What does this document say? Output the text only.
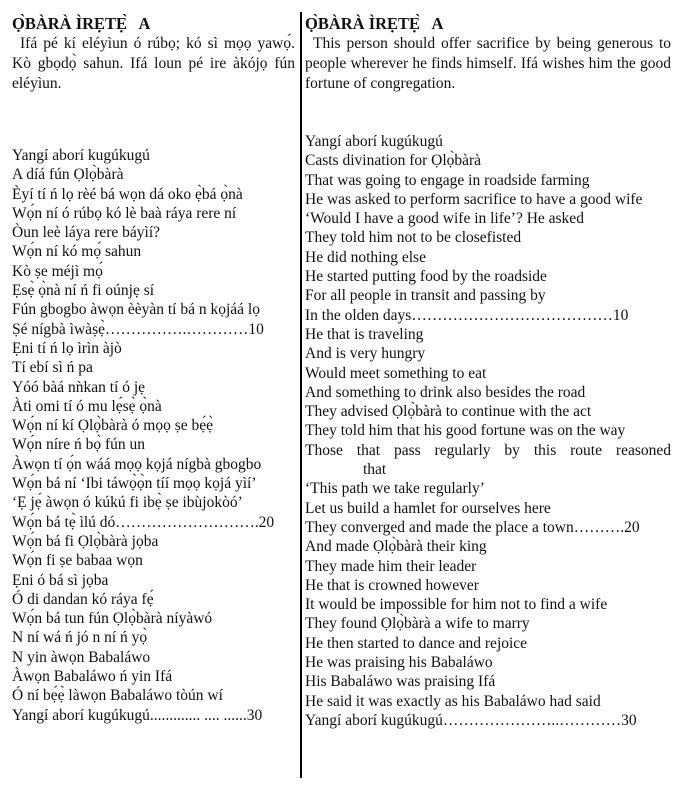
Ọ̀BÀRÀ ÌRẸTẸ̀   A
Ifá pé kí eléyìun ó rúbọ; kó sì mọọ yawọ́. Kò gbọdọ̀ sahun. Ifá loun pé ire àkójọ fún eléyìun.
Yangí aborí kugúkugú
A díá fún Ọlọ̀bàrà
Èyí tí ń lọ rèé bá wọn dá oko ẹ̀bá ọ̀nà
Wọ́n ní ó rúbọ kó lè baà ráya rere ní
Òun leè láya rere báyìí?
Wọ́n ní kó mọ́ sahun
Kò ṣe méjì mọ́
Ẹsẹ̀ ọ̀nà ní ń fi oúnjẹ sí
Fún gbogbo àwọn èèyàn tí bá n kọjáá lọ
Ṣé nígbà ìwàṣẹ̀…………….…………10
Ẹni tí ń lọ ìrìn àjò
Tí ebí sì ń pa
Yóó bàá nǹkan tí ó jẹ
Àti omi tí ó mu lẹ́sẹ̀ ọ̀nà
Wọ́n ní kí Ọlọ̀bàrà ó mọọ ṣe bẹ́ẹ̀
Wọ́n níre ń bọ̀ fún un
Àwọn tí ọ́n wáá mọọ kọjá nígbà gbogbo
Wọ́n bá ní ‘Ibi táwọ̀ọ̀n tíí mọọ kọjá yìí’
‘Ẹ jẹ́ àwọn ó kúkú fi ibẹ̀ ṣe ibùjokòó’
Wọ́n bá tẹ̀ ìlú dó……………………….20
Wọ́n bá fi Ọlọ̀bàrà jọba
Wọ́n fi ṣe babaa wọn
Ẹni ó bá sì jọba
Ó di dandan kó ráya fẹ́
Wọ́n bá tun fún Ọlọ̀bàrà níyàwó
N ní wá ń jó n ní ń yọ̀
N yin àwọn Babaláwo
Àwọn Babaláwo ń yin Ifá
Ó ní bẹ́ẹ̀ làwọn Babaláwo tòún wí
Yangí aborí kugúkugú............. .... ......30
Ọ̀BÀRÀ ÌRẸTẸ̀   A
This person should offer sacrifice by being generous to people wherever he finds himself. Ifá wishes him the good fortune of congregation.
Yangí aborí kugúkugú
Casts divination for Ọlọ̀bàrà
That was going to engage in roadside farming
He was asked to perform sacrifice to have a good wife
‘Would I have a good wife in life’? He asked
They told him not to be closefisted
He did nothing else
He started putting food by the roadside
For all people in transit and passing by
In the olden days…………………………………10
He that is traveling
And is very hungry
Would meet something to eat
And something to drink also besides the road
They advised Ọlọ̀bàrà to continue with the act
They told him that his good fortune was on the way
Those that pass regularly by this route reasoned
that
‘This path we take regularly’
Let us build a hamlet for ourselves here
They converged and made the place a town……….20
And made Ọlọ̀bàrà their king
They made him their leader
He that is crowned however
It would be impossible for him not to find a wife
They found Ọlọ̀bàrà a wife to marry
He then started to dance and rejoice
He was praising his Babaláwo
His Babaláwo was praising Ifá
He said it was exactly as his Babaláwo had said
Yangí aborí kugúkugú…………………..…………30
